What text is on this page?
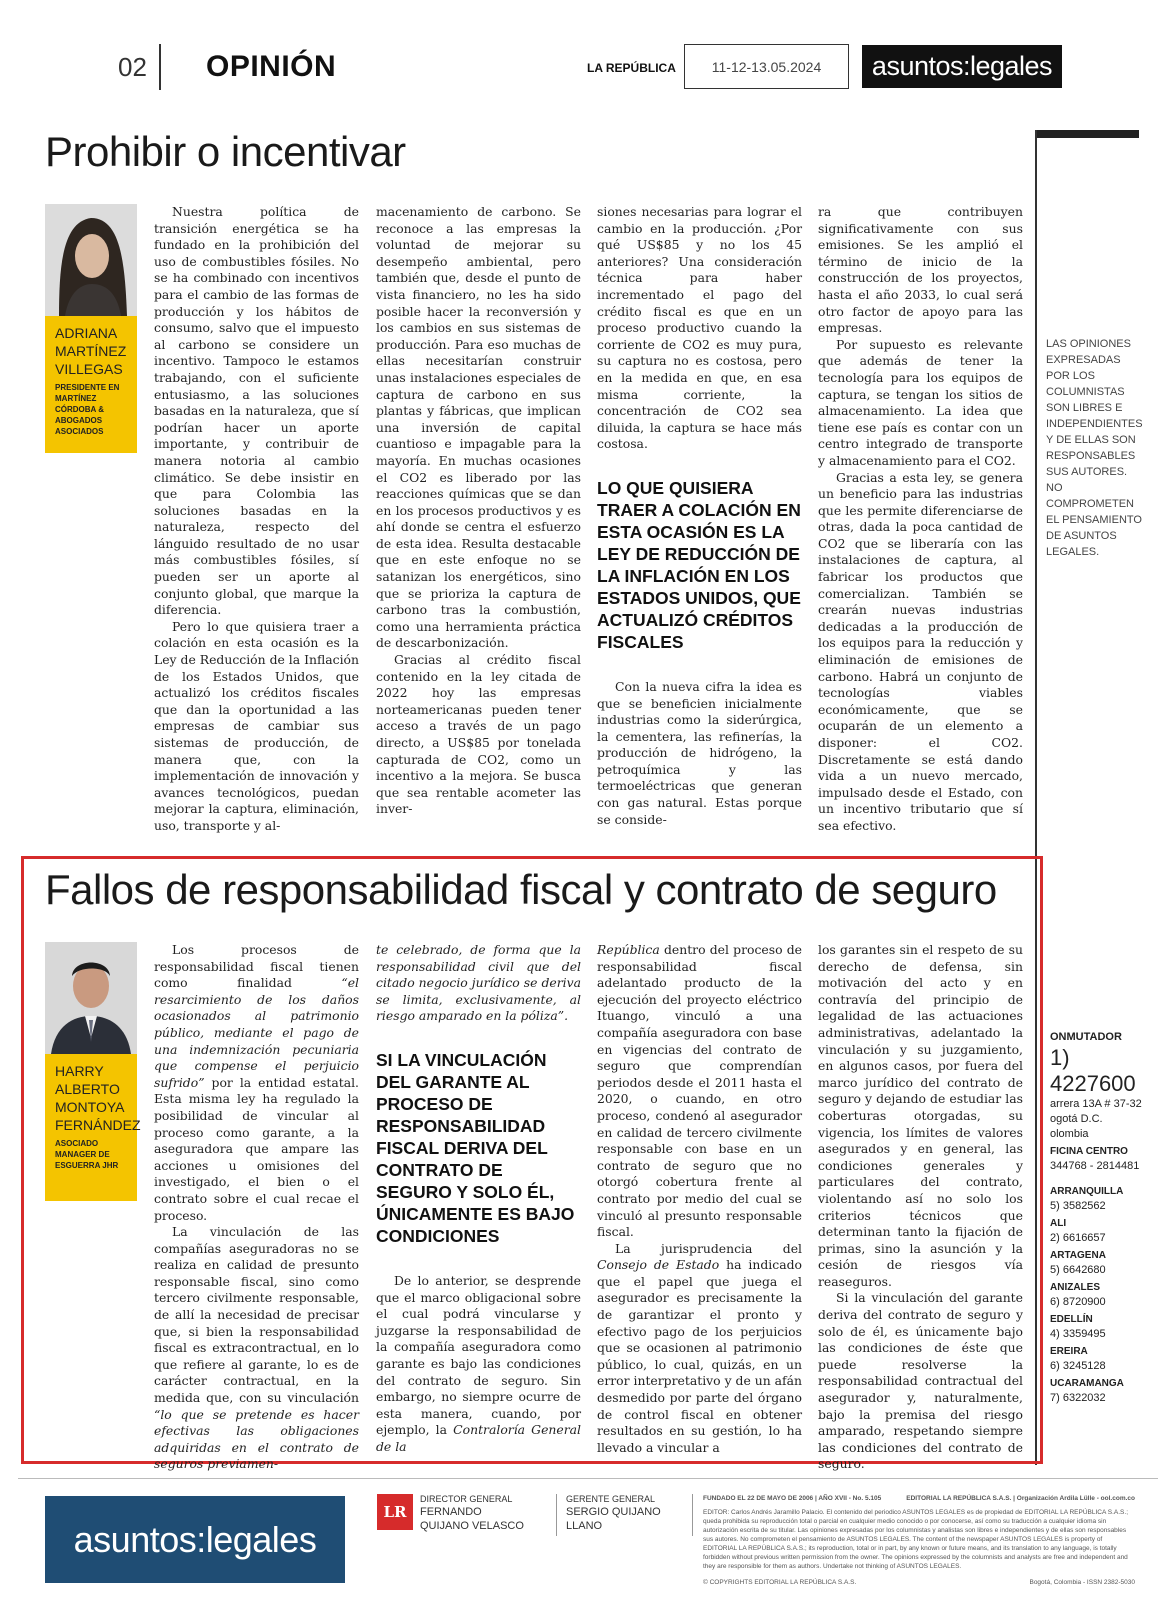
02 OPINIÓN	LA REPÚBLICA	11-12-13.05.2024	asuntos:legales
LAS OPINIONES EXPRESADAS POR LOS COLUMNISTAS SON LIBRES E INDEPENDIENTES Y DE ELLAS SON RESPONSABLES SUS AUTORES. NO COMPROMETEN EL PENSAMIENTO DE ASUNTOS LEGALES.
Prohibir o incentivar
ADRIANA MARTÍNEZ VILLEGAS
PRESIDENTE EN MARTÍNEZ CÓRDOBA & ABOGADOS ASOCIADOS

Nuestra política de transición energética se ha fundado en la prohibición del uso de combustibles fósiles. No se ha combinado con incentivos para el cambio de las formas de producción y los hábitos de consumo, salvo que el impuesto al carbono se considere un incentivo. Tampoco le estamos trabajando, con el suficiente entusiasmo, a las soluciones basadas en la naturaleza, que sí podrían hacer un aporte importante, y contribuir de manera notoria al cambio climático. Se debe insistir en que para Colombia las soluciones basadas en la naturaleza, respecto del lánguido resultado de no usar más combustibles fósiles, sí pueden ser un aporte al conjunto global, que marque la diferencia.

Pero lo que quisiera traer a colación en esta ocasión es la Ley de Reducción de la Inflación de los Estados Unidos, que actualizó los créditos fiscales que dan la oportunidad a las empresas de cambiar sus sistemas de producción, de manera que, con la implementación de innovación y avances tecnológicos, puedan mejorar la captura, eliminación, uso, transporte y al-

macenamiento de carbono. Se reconoce a las empresas la voluntad de mejorar su desempeño ambiental, pero también que, desde el punto de vista financiero, no les ha sido posible hacer la reconversión y los cambios en sus sistemas de producción. Para eso muchas de ellas necesitarían construir unas instalaciones especiales de captura de carbono en sus plantas y fábricas, que implican una inversión de capital cuantioso e impagable para la mayoría. En muchas ocasiones el CO2 es liberado por las reacciones químicas que se dan en los procesos productivos y es ahí donde se centra el esfuerzo de esta idea. Resulta destacable que en este enfoque no se satanizan los energéticos, sino que se prioriza la captura de carbono tras la combustión, como una herramienta práctica de descarbonización.

Gracias al crédito fiscal contenido en la ley citada de 2022 hoy las empresas norteamericanas pueden tener acceso a través de un pago directo, a US$85 por tonelada capturada de CO2, como un incentivo a la mejora. Se busca que sea rentable acometer las inver-

siones necesarias para lograr el cambio en la producción. ¿Por qué US$85 y no los 45 anteriores? Una consideración técnica para haber incrementado el pago del crédito fiscal es que en un proceso productivo cuando la corriente de CO2 es muy pura, su captura no es costosa, pero en la medida en que, en esa misma corriente, la concentración de CO2 sea diluida, la captura se hace más costosa.

LO QUE QUISIERA TRAER A COLACIÓN EN ESTA OCASIÓN ES LA LEY DE REDUCCIÓN DE LA INFLACIÓN EN LOS ESTADOS UNIDOS, QUE ACTUALIZÓ CRÉDITOS FISCALES

Con la nueva cifra la idea es que se beneficien inicialmente industrias como la siderúrgica, la cementera, las refinerías, la producción de hidrógeno, la petroquímica y las termoeléctricas que generan con gas natural. Estas porque se conside-

ra que contribuyen significativamente con sus emisiones. Se les amplió el término de inicio de la construcción de los proyectos, hasta el año 2033, lo cual será otro factor de apoyo para las empresas.

Por supuesto es relevante que además de tener la tecnología para los equipos de captura, se tengan los sitios de almacenamiento. La idea que tiene ese país es contar con un centro integrado de transporte y almacenamiento para el CO2.

Gracias a esta ley, se genera un beneficio para las industrias que les permite diferenciarse de otras, dada la poca cantidad de CO2 que se liberaría con las instalaciones de captura, al fabricar los productos que comercializan. También se crearán nuevas industrias dedicadas a la producción de los equipos para la reducción y eliminación de emisiones de carbono. Habrá un conjunto de tecnologías viables económicamente, que se ocuparán de un elemento a disponer: el CO2. Discretamente se está dando vida a un nuevo mercado, impulsado desde el Estado, con un incentivo tributario que sí sea efectivo.

Fallos de responsabilidad fiscal y contrato de seguro
HARRY ALBERTO MONTOYA FERNÁNDEZ
ASOCIADO MANAGER DE ESGUERRA JHR

Los procesos de responsabilidad fiscal tienen como finalidad “el resarcimiento de los daños ocasionados al patrimonio público, mediante el pago de una indemnización pecuniaria que compense el perjuicio sufrido” por la entidad estatal. Esta misma ley ha regulado la posibilidad de vincular al proceso como garante, a la aseguradora que ampare las acciones u omisiones del investigado, el bien o el contrato sobre el cual recae el proceso.

La vinculación de las compañías aseguradoras no se realiza en calidad de presunto responsable fiscal, sino como tercero civilmente responsable, de allí la necesidad de precisar que, si bien la responsabilidad fiscal es extracontractual, en lo que refiere al garante, lo es de carácter contractual, en la medida que, con su vinculación “lo que se pretende es hacer efectivas las obligaciones adquiridas en el contrato de seguros previamen-

te celebrado, de forma que la responsabilidad civil que del citado negocio jurídico se deriva se limita, exclusivamente, al riesgo amparado en la póliza”.

SI LA VINCULACIÓN DEL GARANTE AL PROCESO DE RESPONSABILIDAD FISCAL DERIVA DEL CONTRATO DE SEGURO Y SOLO ÉL, ÚNICAMENTE ES BAJO CONDICIONES

De lo anterior, se desprende que el marco obligacional sobre el cual podrá vincularse y juzgarse la responsabilidad de la compañía aseguradora como garante es bajo las condiciones del contrato de seguro. Sin embargo, no siempre ocurre de esta manera, cuando, por ejemplo, la Contraloría General de la

República dentro del proceso de responsabilidad fiscal adelantado producto de la ejecución del proyecto eléctrico Ituango, vinculó a una compañía aseguradora con base en vigencias del contrato de seguro que comprendían periodos desde el 2011 hasta el 2020, o cuando, en otro proceso, condenó al asegurador en calidad de tercero civilmente responsable con base en un contrato de seguro que no otorgó cobertura frente al contrato por medio del cual se vinculó al presunto responsable fiscal.

La jurisprudencia del Consejo de Estado ha indicado que el papel que juega el asegurador es precisamente la de garantizar el pronto y efectivo pago de los perjuicios que se ocasionen al patrimonio público, lo cual, quizás, en un error interpretativo y de un afán desmedido por parte del órgano de control fiscal en obtener resultados en su gestión, lo ha llevado a vincular a

los garantes sin el respeto de su derecho de defensa, sin motivación del acto y en contravía del principio de legalidad de las actuaciones administrativas, adelantado la vinculación y su juzgamiento, en algunos casos, por fuera del marco jurídico del contrato de seguro y dejando de estudiar las coberturas otorgadas, su vigencia, los límites de valores asegurados y en general, las condiciones generales y particulares del contrato, violentando así no solo los criterios técnicos que determinan tanto la fijación de primas, sino la asunción y la cesión de riesgos vía reaseguros.

Si la vinculación del garante deriva del contrato de seguro y solo de él, es únicamente bajo las condiciones de éste que puede resolverse la responsabilidad contractual del asegurador y, naturalmente, bajo la premisa del riesgo amparado, respetando siempre las condiciones del contrato de seguro.

ONMUTADOR
1) 4227600
arrera 13A # 37-32
ogotá D.C.
olombia
FICINA CENTRO
344768 - 2814481
ARRANQUILLA
5) 3582562
ALI
2) 6616657
ARTAGENA
5) 6642680
ANIZALES
6) 8720900
EDELLÍN
4) 3359495
EREIRA
6) 3245128
UCARAMANGA
7) 6322032
asuntos:legales
LR
DIRECTOR GENERAL
FERNANDO QUIJANO VELASCO
GERENTE GENERAL
SERGIO QUIJANO LLANO
FUNDADO EL 22 DE MAYO DE 2006 | AÑO XVII - No. 5.105	EDITORIAL LA REPÚBLICA S.A.S. | Organización Ardila Lülle - ool.com.co
EDITOR: Carlos Andrés Jaramillo Palacio. El contenido del periodico ASUNTOS LEGALES es de propiedad de EDITORIAL LA REPÚBLICA S.A.S.; queda prohibida su reproducción total o parcial en cualquier medio conocido o por conocerse, así como su traducción a cualquier idioma sin autorización escrita de su titular. Las opiniones expresadas por los columnistas y analistas son libres e independientes y de ellas son responsables sus autores. No comprometen el pensamiento de ASUNTOS LEGALES. The content of the newspaper ASUNTOS LEGALES is property of EDITORIAL LA REPÚBLICA S.A.S.; its reproduction, total or in part, by any known or future means, and its translation to any language, is totally forbidden without previous written permission from the owner. The opinions expressed by the columnists and analysts are free and independent and they are responsible for them as authors. Undertake not thinking of ASUNTOS LEGALES.
© COPYRIGHTS EDITORIAL LA REPÚBLICA S.A.S.	Bogotá, Colombia - ISSN 2382-5030
